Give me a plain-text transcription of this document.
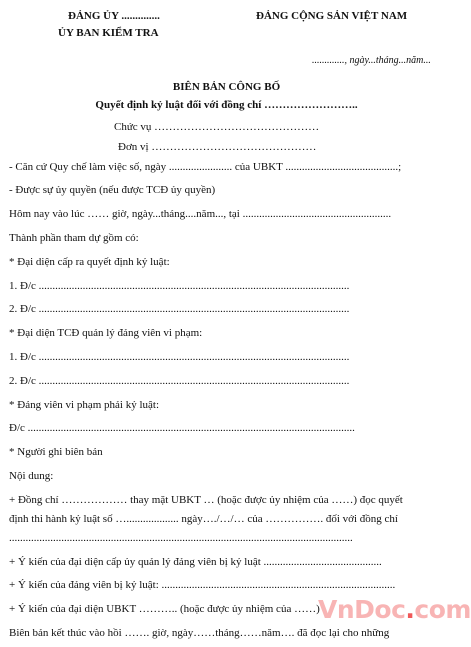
ĐẢNG ỦY ..............
ỦY BAN KIỂM TRA
ĐẢNG CỘNG SẢN VIỆT NAM
............., ngày...tháng...năm...
BIÊN BẢN CÔNG BỐ
Quyết định kỷ luật đối với đồng chí ……………………..
Chức vụ ………………………………………
Đơn vị ………………………………………
- Căn cứ Quy chế làm việc số, ngày ....................... của UBKT .........................................;
- Được sự ủy quyền (nếu được TCĐ ủy quyền)
Hôm nay vào lúc …… giờ, ngày...tháng....năm..., tại ......................................................
Thành phần tham dự gồm có:
* Đại diện cấp ra quyết định kỷ luật:
1. Đ/c .................................................................................................................
2. Đ/c .................................................................................................................
* Đại diện TCĐ quản lý đảng viên vi phạm:
1. Đ/c .................................................................................................................
2. Đ/c .................................................................................................................
* Đảng viên vi phạm phải kỷ luật:
Đ/c .......................................................................................................................
* Người ghi biên bản
Nội dung:
+ Đồng chí ……………… thay mặt UBKT … (hoặc được ủy nhiệm của ……) đọc quyết
định thi hành kỷ luật số …................... ngày…./…/… của ……………. đối với đồng chí
.............................................................................................................................
+ Ý kiến của đại diện cấp ủy quản lý đảng viên bị kỷ luật ...........................................
+ Ý kiến của đảng viên bị kỷ luật: .....................................................................................
+ Ý kiến của đại diện UBKT ……….. (hoặc được ủy nhiệm của ……)
Biên bản kết thúc vào hồi ……. giờ, ngày……tháng……năm…. đã đọc lại cho những
VnDoc.com
